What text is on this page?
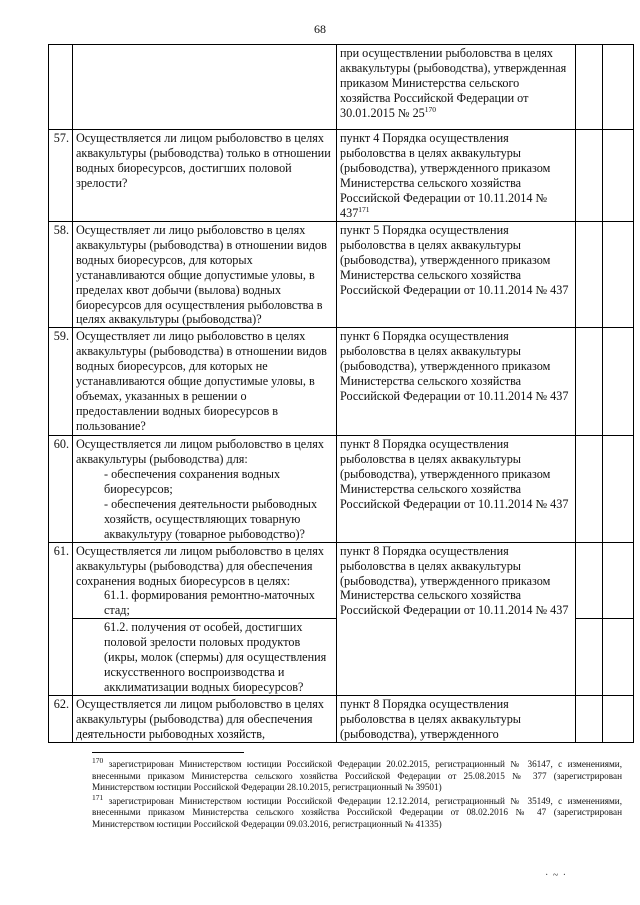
68
		при осуществлении рыболовства в целях аквакультуры (рыбоводства), утвержденная приказом Министерства сельского хозяйства Российской Федерации от 30.01.2015 № $25^{170}$		
57.	Осуществляется ли лицом рыболовство в целях аквакультуры (рыбоводства) только в отношении водных биоресурсов, достигших половой зрелости?	пункт 4 Порядка осуществления рыболовства в целях аквакультуры (рыбоводства), утвержденного приказом Министерства сельского хозяйства Российской Федерации от 10.11.2014 № $437^{171}$		
58.	Осуществляет ли лицо рыболовство в целях аквакультуры (рыбоводства) в отношении видов водных биоресурсов, для которых устанавливаются общие допустимые уловы, в пределах квот добычи (вылова) водных биоресурсов для осуществления рыболовства в целях аквакультуры (рыбоводства)?	пункт 5 Порядка осуществления рыболовства в целях аквакультуры (рыбоводства), утвержденного приказом Министерства сельского хозяйства Российской Федерации от 10.11.2014 № 437		
59.	Осуществляет ли лицо рыболовство в целях аквакультуры (рыбоводства) в отношении видов водных биоресурсов, для которых не устанавливаются общие допустимые уловы, в объемах, указанных в решении о предоставлении водных биоресурсов в пользование?	пункт 6 Порядка осуществления рыболовства в целях аквакультуры (рыбоводства), утвержденного приказом Министерства сельского хозяйства Российской Федерации от 10.11.2014 № 437		
60.	Осуществляется ли лицом рыболовство в целях аквакультуры (рыбоводства) для:
- обеспечения сохранения водных биоресурсов;
- обеспечения деятельности рыбоводных хозяйств, осуществляющих товарную аквакультуру (товарное рыбоводство)?	пункт 8 Порядка осуществления рыболовства в целях аквакультуры (рыбоводства), утвержденного приказом Министерства сельского хозяйства Российской Федерации от 10.11.2014 № 437		
61.	Осуществляется ли лицом рыболовство в целях аквакультуры (рыбоводства) для обеспечения сохранения водных биоресурсов в целях:
61.1. формирования ремонтно-маточных стад;	пункт 8 Порядка осуществления рыболовства в целях аквакультуры (рыбоводства), утвержденного приказом Министерства сельского хозяйства Российской Федерации от 10.11.2014 № 437		

	61.2. получения от особей, достигших половой зрелости половых продуктов (икры, молок (спермы) для осуществления искусственного воспроизводства и акклиматизации водных биоресурсов?			

62.	Осуществляется ли лицом рыболовство в целях аквакультуры (рыбоводства) для обеспечения деятельности рыбоводных хозяйств,	пункт 8 Порядка осуществления рыболовства в целях аквакультуры (рыбоводства), утвержденного		

$^{170}$ зарегистрирован Министерством юстиции Российской Федерации 20.02.2015, регистрационный № 36147, с изменениями, внесенными приказом Министерства сельского хозяйства Российской Федерации от 25.08.2015 № 377 (зарегистрирован Министерством юстиции Российской Федерации 28.10.2015, регистрационный № 39501)

$^{171}$ зарегистрирован Министерством юстиции Российской Федерации 12.12.2014, регистрационный № 35149, с изменениями, внесенными приказом Министерства сельского хозяйства Российской Федерации от 08.02.2016 № 47 (зарегистрирован Министерством юстиции Российской Федерации 09.03.2016, регистрационный № 41335)

· ~ ·
